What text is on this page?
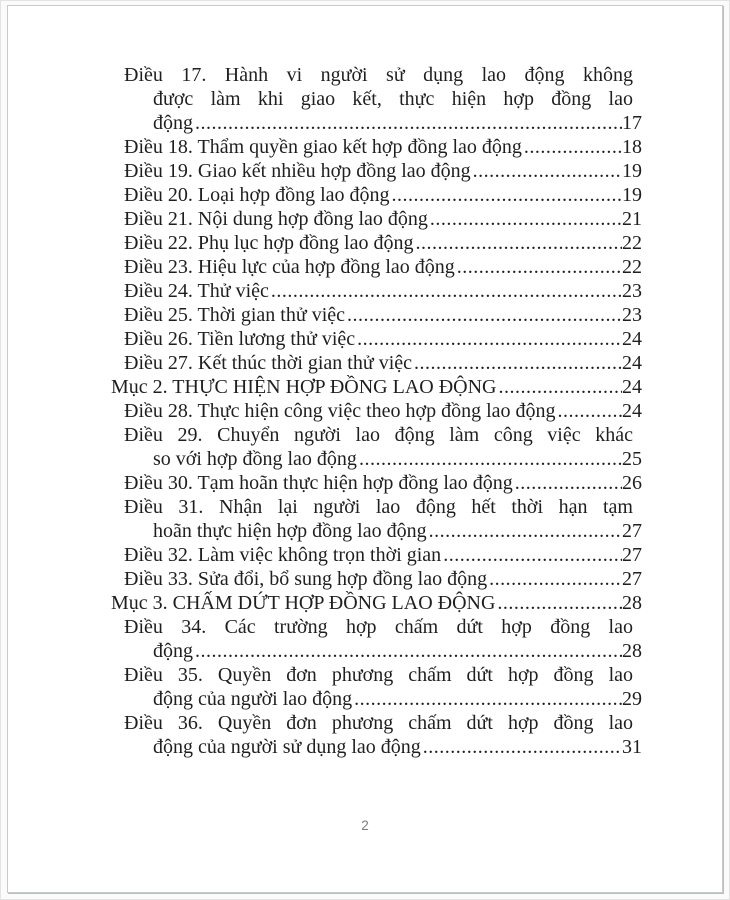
Điều 17. Hành vi người sử dụng lao động không
được làm khi giao kết, thực hiện hợp đồng lao
động .....	17
Điều 18. Thẩm quyền giao kết hợp đồng lao động .....	18
Điều 19. Giao kết nhiều hợp đồng lao động .....	19
Điều 20. Loại hợp đồng lao động .....	19
Điều 21. Nội dung hợp đồng lao động .....	21
Điều 22. Phụ lục hợp đồng lao động .....	22
Điều 23. Hiệu lực của hợp đồng lao động .....	22
Điều 24. Thử việc .....	23
Điều 25. Thời gian thử việc .....	23
Điều 26. Tiền lương thử việc .....	24
Điều 27. Kết thúc thời gian thử việc .....	24
Mục 2. THỰC HIỆN HỢP ĐỒNG LAO ĐỘNG .....	24
Điều 28. Thực hiện công việc theo hợp đồng lao động .....	24
Điều 29. Chuyển người lao động làm công việc khác
so với hợp đồng lao động .....	25
Điều 30. Tạm hoãn thực hiện hợp đồng lao động .....	26
Điều 31. Nhận lại người lao động hết thời hạn tạm
hoãn thực hiện hợp đồng lao động .....	27
Điều 32. Làm việc không trọn thời gian .....	27
Điều 33. Sửa đổi, bổ sung hợp đồng lao động .....	27
Mục 3. CHẤM DỨT HỢP ĐỒNG LAO ĐỘNG .....	28
Điều 34. Các trường hợp chấm dứt hợp đồng lao
động .....	28
Điều 35. Quyền đơn phương chấm dứt hợp đồng lao
động của người lao động .....	29
Điều 36. Quyền đơn phương chấm dứt hợp đồng lao
động của người sử dụng lao động .....	31
2
